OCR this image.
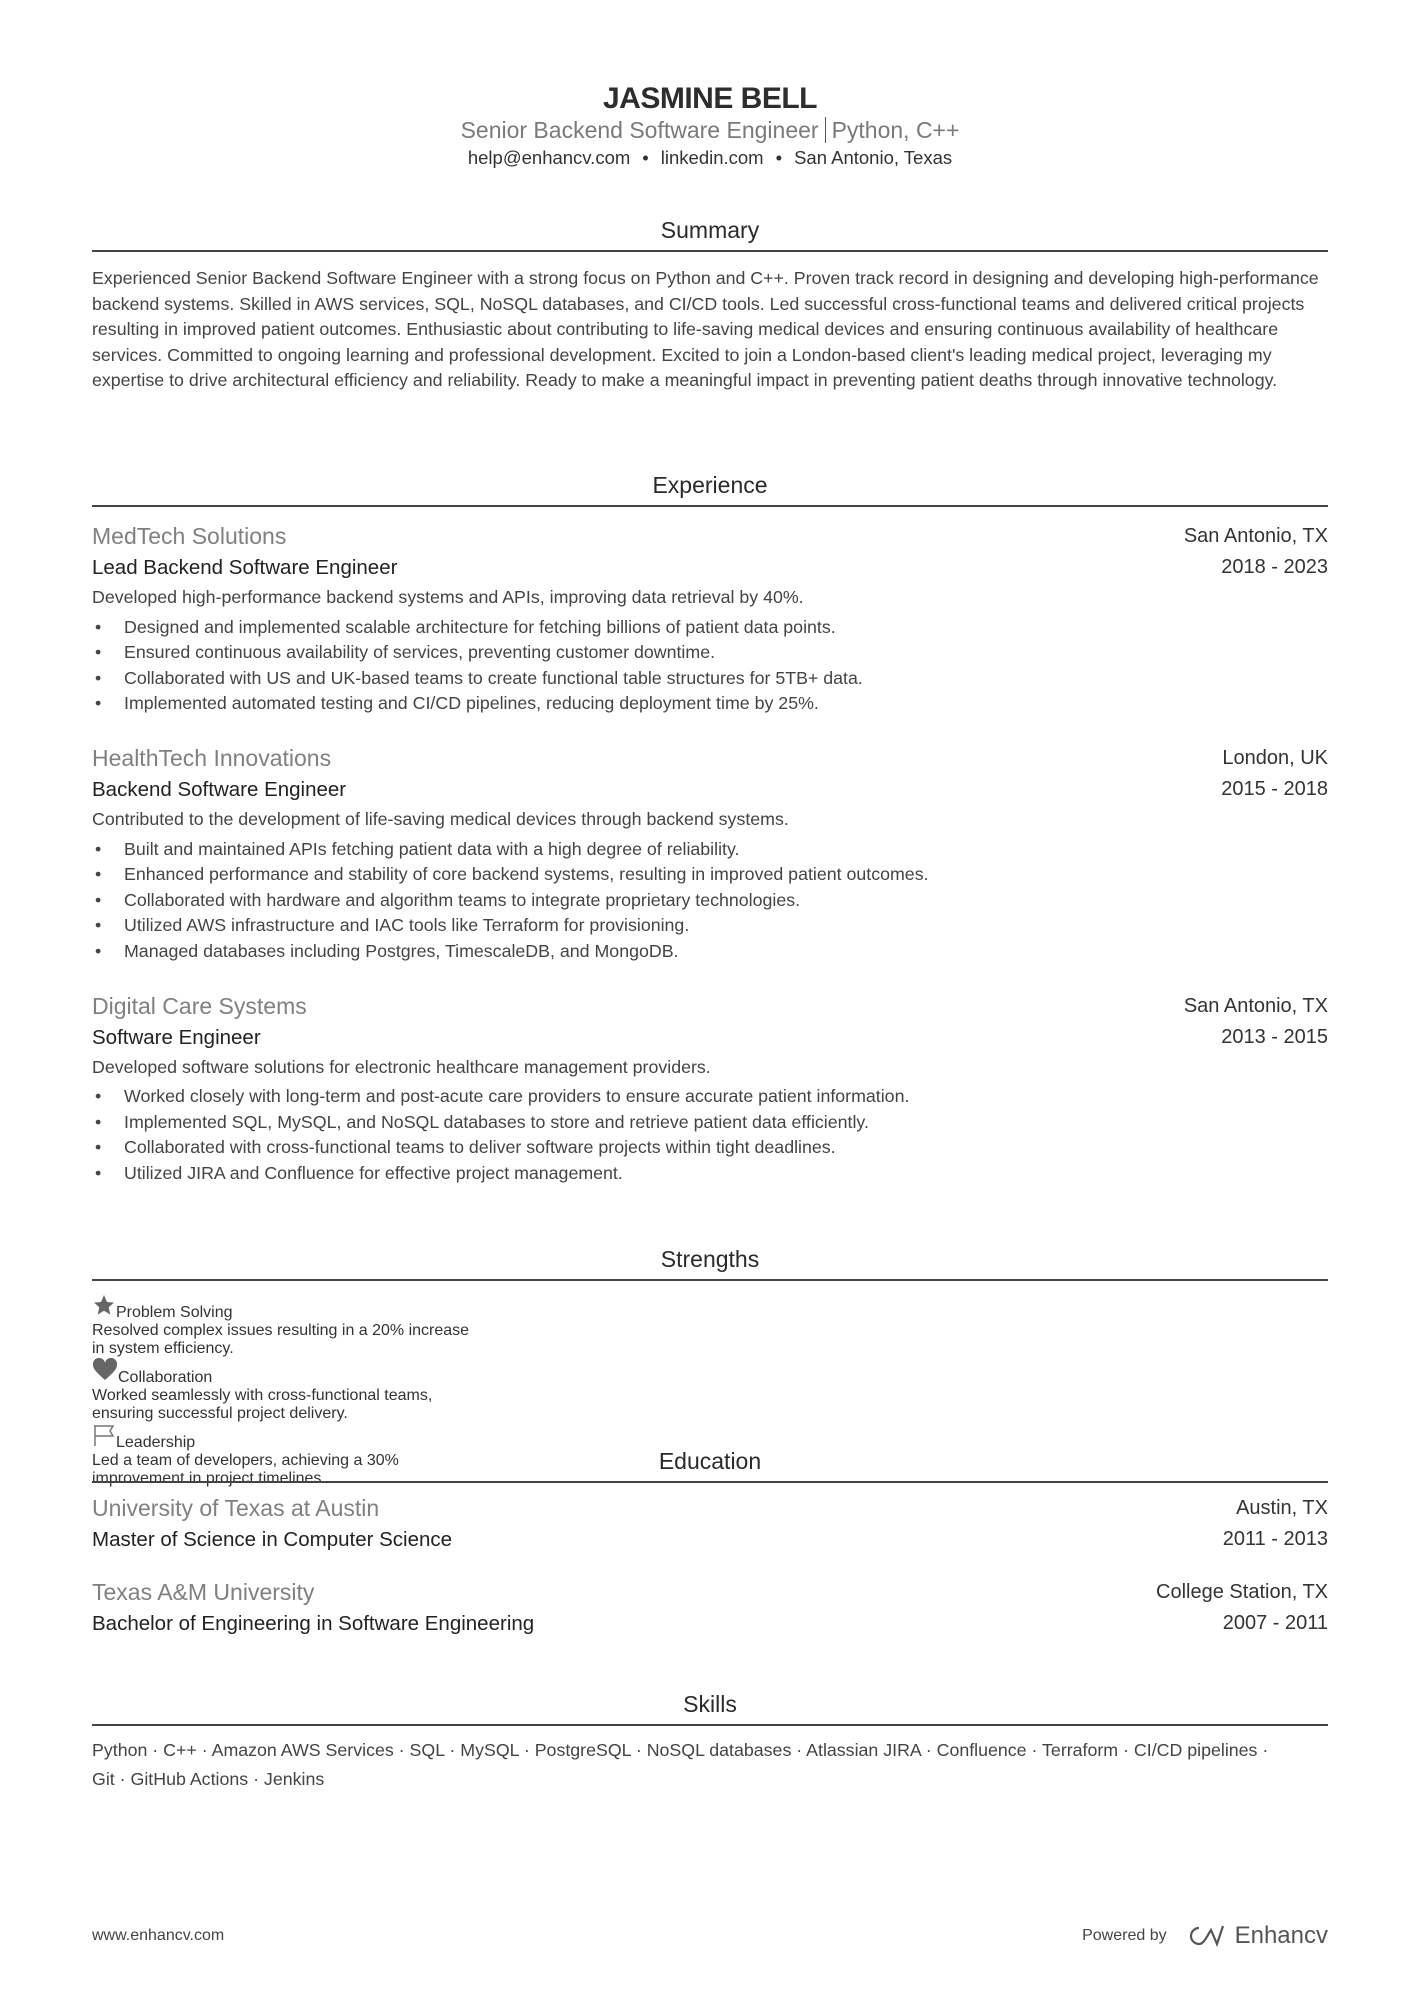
JASMINE BELL
Senior Backend Software Engineer Python, C++
help@enhancv.com • linkedin.com • San Antonio, Texas
Summary

Experienced Senior Backend Software Engineer with a strong focus on Python and C++. Proven track record in designing and developing high-performance backend systems. Skilled in AWS services, SQL, NoSQL databases, and CI/CD tools. Led successful cross-functional teams and delivered critical projects resulting in improved patient outcomes. Enthusiastic about contributing to life-saving medical devices and ensuring continuous availability of healthcare services. Committed to ongoing learning and professional development. Excited to join a London-based client's leading medical project, leveraging my expertise to drive architectural efficiency and reliability. Ready to make a meaningful impact in preventing patient deaths through innovative technology.

Experience
MedTech Solutions	San Antonio, TX
Lead Backend Software Engineer	2018 - 2023
Developed high-performance backend systems and APIs, improving data retrieval by 40%.
• Designed and implemented scalable architecture for fetching billions of patient data points.
• Ensured continuous availability of services, preventing customer downtime.
• Collaborated with US and UK-based teams to create functional table structures for 5TB+ data.
• Implemented automated testing and CI/CD pipelines, reducing deployment time by 25%.
HealthTech Innovations	London, UK
Backend Software Engineer	2015 - 2018
Contributed to the development of life-saving medical devices through backend systems.
• Built and maintained APIs fetching patient data with a high degree of reliability.
• Enhanced performance and stability of core backend systems, resulting in improved patient outcomes.
• Collaborated with hardware and algorithm teams to integrate proprietary technologies.
• Utilized AWS infrastructure and IAC tools like Terraform for provisioning.
• Managed databases including Postgres, TimescaleDB, and MongoDB.
Digital Care Systems	San Antonio, TX
Software Engineer	2013 - 2015
Developed software solutions for electronic healthcare management providers.
• Worked closely with long-term and post-acute care providers to ensure accurate patient information.
• Implemented SQL, MySQL, and NoSQL databases to store and retrieve patient data efficiently.
• Collaborated with cross-functional teams to deliver software projects within tight deadlines.
• Utilized JIRA and Confluence for effective project management.
Strengths
Problem Solving
Resolved complex issues resulting in a 20% increase in system efficiency.
Collaboration
Worked seamlessly with cross-functional teams, ensuring successful project delivery.
Leadership
Led a team of developers, achieving a 30% improvement in project timelines.
Education
University of Texas at Austin	Austin, TX
Master of Science in Computer Science	2011 - 2013
Texas A&M University	College Station, TX
Bachelor of Engineering in Software Engineering	2007 - 2011
Skills
Python · C++ · Amazon AWS Services · SQL · MySQL · PostgreSQL · NoSQL databases · Atlassian JIRA · Confluence · Terraform · CI/CD pipelines ·
Git · GitHub Actions · Jenkins
www.enhancv.com	Powered by	Enhancv
